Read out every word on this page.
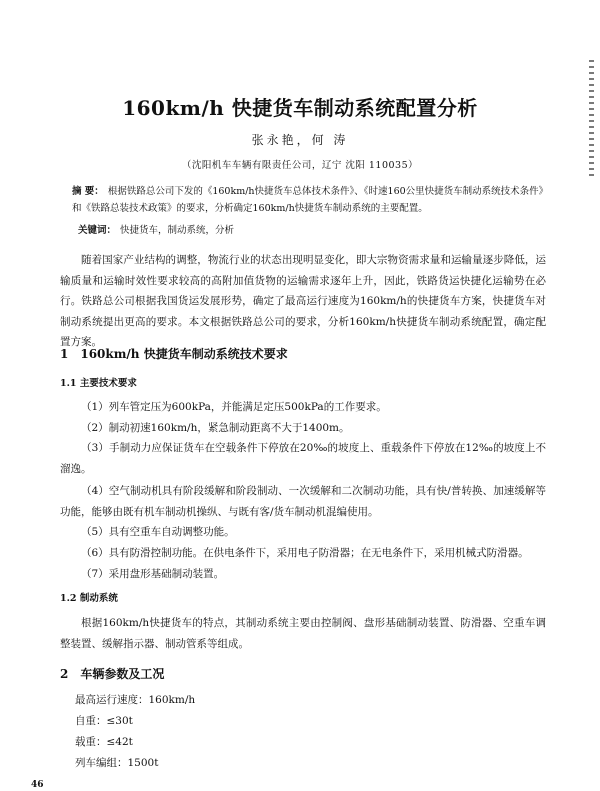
160km/h 快捷货车制动系统配置分析
张永艳，何 涛
（沈阳机车车辆有限责任公司，辽宁 沈阳 110035）
摘 要： 根据铁路总公司下发的《160km/h快捷货车总体技术条件》、《时速160公里快捷货车制动系统技术条件》和《铁路总装技术政策》的要求，分析确定160km/h快捷货车制动系统的主要配置。
关键词： 快捷货车，制动系统，分析
随着国家产业结构的调整，物流行业的状态出现明显变化，即大宗物资需求量和运输量逐步降低，运输质量和运输时效性要求较高的高附加值货物的运输需求逐年上升，因此，铁路货运快捷化运输势在必行。铁路总公司根据我国货运发展形势，确定了最高运行速度为160km/h的快捷货车方案，快捷货车对制动系统提出更高的要求。本文根据铁路总公司的要求，分析160km/h快捷货车制动系统配置，确定配置方案。
1　160km/h 快捷货车制动系统技术要求
1.1 主要技术要求
（1）列车管定压为600kPa，并能满足定压500kPa的工作要求。
（2）制动初速160km/h，紧急制动距离不大于1400m。
（3）手制动力应保证货车在空载条件下停放在20‰的坡度上、重载条件下停放在12‰的坡度上不溜逸。
（4）空气制动机具有阶段缓解和阶段制动、一次缓解和二次制动功能，具有快/普转换、加速缓解等功能，能够由既有机车制动机操纵、与既有客/货车制动机混编使用。
（5）具有空重车自动调整功能。
（6）具有防滑控制功能。在供电条件下，采用电子防滑器；在无电条件下，采用机械式防滑器。
（7）采用盘形基础制动装置。
1.2 制动系统
根据160km/h快捷货车的特点，其制动系统主要由控制阀、盘形基础制动装置、防滑器、空重车调整装置、缓解指示器、制动管系等组成。
2　车辆参数及工况
最高运行速度：160km/h
自重：≤30t
载重：≤42t
列车编组：1500t
46
